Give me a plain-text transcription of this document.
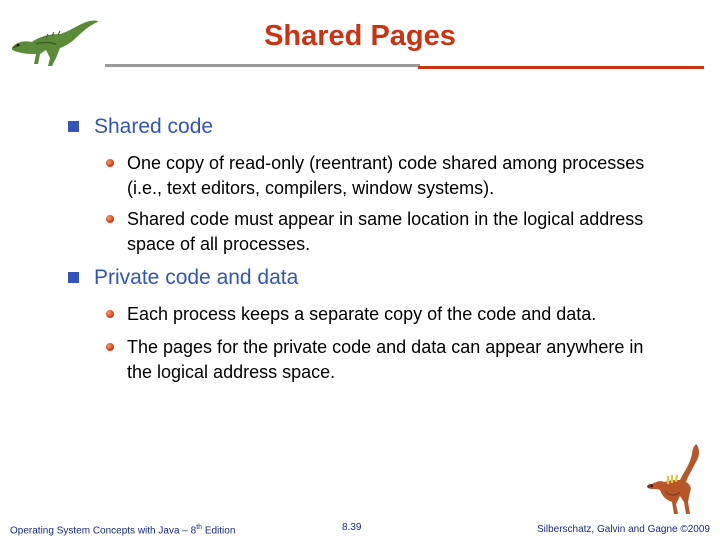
Shared Pages
Shared code
One copy of read-only (reentrant) code shared among processes (i.e., text editors, compilers, window systems).
Shared code must appear in same location in the logical address space of all processes.
Private code and data
Each process keeps a separate copy of the code and data.
The pages for the private code and data can appear anywhere in the logical address space.
Operating System Concepts with Java – 8th Edition	8.39	Silberschatz, Galvin and Gagne ©2009
